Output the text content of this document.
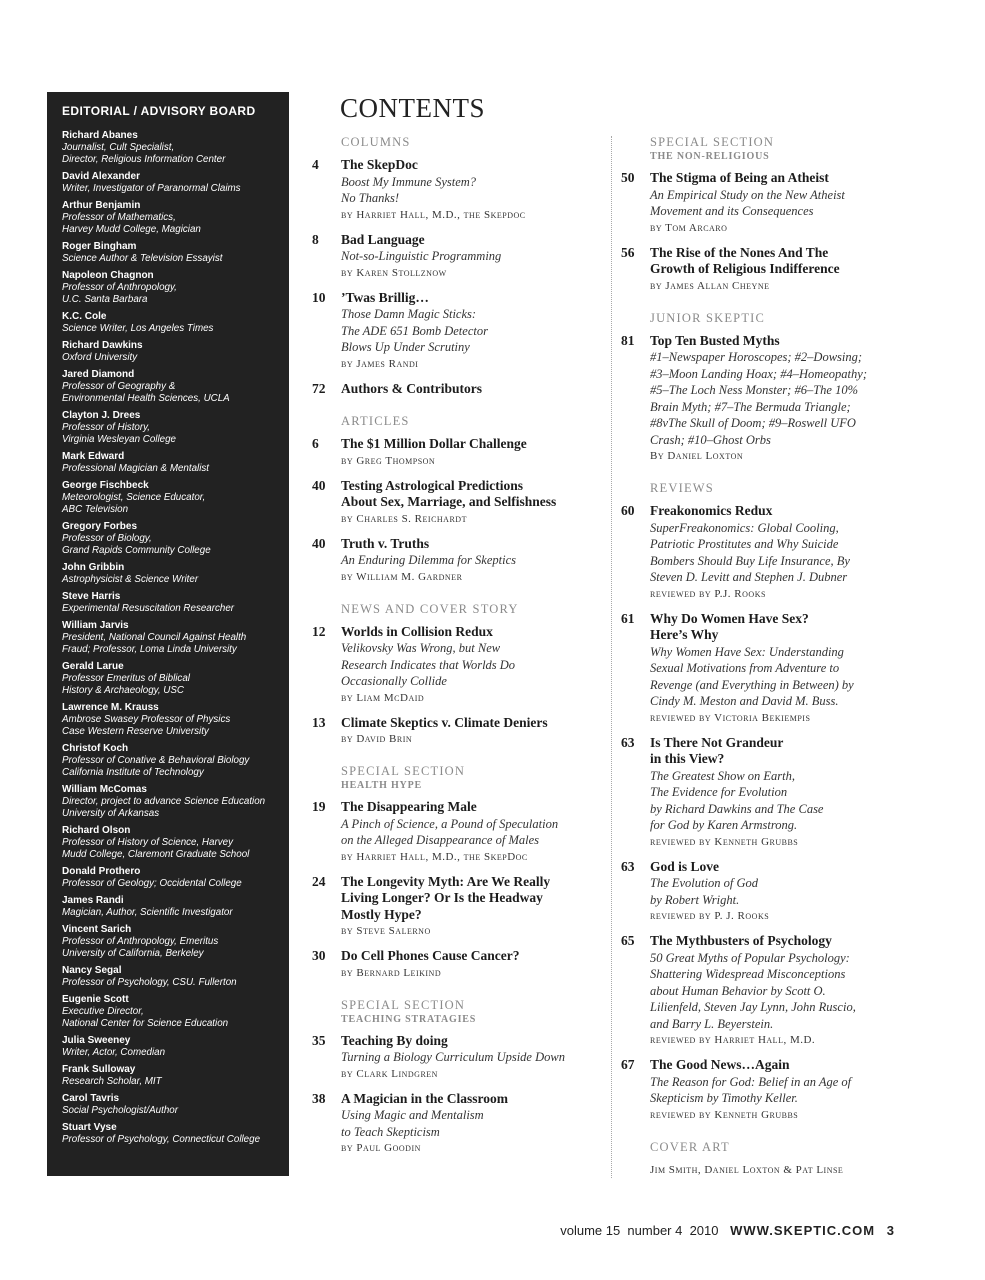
EDITORIAL / ADVISORY BOARD
Richard Abanes
Journalist, Cult Specialist,
Director, Religious Information Center
David Alexander
Writer, Investigator of Paranormal Claims
Arthur Benjamin
Professor of Mathematics,
Harvey Mudd College, Magician
Roger Bingham
Science Author & Television Essayist
Napoleon Chagnon
Professor of Anthropology,
U.C. Santa Barbara
K.C. Cole
Science Writer, Los Angeles Times
Richard Dawkins
Oxford University
Jared Diamond
Professor of Geography &
Environmental Health Sciences, UCLA
Clayton J. Drees
Professor of History,
Virginia Wesleyan College
Mark Edward
Professional Magician & Mentalist
George Fischbeck
Meteorologist, Science Educator,
ABC Television
Gregory Forbes
Professor of Biology,
Grand Rapids Community College
John Gribbin
Astrophysicist & Science Writer
Steve Harris
Experimental Resuscitation Researcher
William Jarvis
President, National Council Against Health
Fraud; Professor, Loma Linda University
Gerald Larue
Professor Emeritus of Biblical
History & Archaeology, USC
Lawrence M. Krauss
Ambrose Swasey Professor of Physics
Case Western Reserve University
Christof Koch
Professor of Conative & Behavioral Biology
California Institute of Technology
William McComas
Director, project to advance Science Education
University of Arkansas
Richard Olson
Professor of History of Science, Harvey
Mudd College, Claremont Graduate School
Donald Prothero
Professor of Geology; Occidental College
James Randi
Magician, Author, Scientific Investigator
Vincent Sarich
Professor of Anthropology, Emeritus
University of California, Berkeley
Nancy Segal
Professor of Psychology, CSU. Fullerton
Eugenie Scott
Executive Director,
National Center for Science Education
Julia Sweeney
Writer, Actor, Comedian
Frank Sulloway
Research Scholar, MIT
Carol Tavris
Social Psychologist/Author
Stuart Vyse
Professor of Psychology, Connecticut College
CONTENTS
COLUMNS
4	The SkepDoc
Boost My Immune System?
No Thanks!
by Harriet Hall, M.D., the Skepdoc
8	Bad Language
Not-so-Linguistic Programming
by Karen Stollznow
10	’Twas Brillig…
Those Damn Magic Sticks:
The ADE 651 Bomb Detector
Blows Up Under Scrutiny
by James Randi
72	Authors & Contributors
ARTICLES
6	The $1 Million Dollar Challenge
by Greg Thompson
40	Testing Astrological Predictions
About Sex, Marriage, and Selfishness
by Charles S. Reichardt
40	Truth v. Truths
An Enduring Dilemma for Skeptics
by William M. Gardner
NEWS AND COVER STORY
12	Worlds in Collision Redux
Velikovsky Was Wrong, but New
Research Indicates that Worlds Do
Occasionally Collide
by Liam McDaid
13	Climate Skeptics v. Climate Deniers
by David Brin
SPECIAL SECTION
HEALTH HYPE
19	The Disappearing Male
A Pinch of Science, a Pound of Speculation
on the Alleged Disappearance of Males
by Harriet Hall, M.D., the SkepDoc
24	The Longevity Myth: Are We Really
Living Longer? Or Is the Headway
Mostly Hype?
by Steve Salerno
30	Do Cell Phones Cause Cancer?
by Bernard Leikind
SPECIAL SECTION
TEACHING STRATAGIES
35	Teaching By doing
Turning a Biology Curriculum Upside Down
by Clark Lindgren
38	A Magician in the Classroom
Using Magic and Mentalism
to Teach Skepticism
by Paul Goodin
SPECIAL SECTION
THE NON-RELIGIOUS
50	The Stigma of Being an Atheist
An Empirical Study on the New Atheist
Movement and its Consequences
by Tom Arcaro
56	The Rise of the Nones And The
Growth of Religious Indifference
by James Allan Cheyne
JUNIOR SKEPTIC
81	Top Ten Busted Myths
#1–Newspaper Horoscopes; #2–Dowsing;
#3–Moon Landing Hoax; #4–Homeopathy;
#5–The Loch Ness Monster; #6–The 10%
Brain Myth; #7–The Bermuda Triangle;
#8vThe Skull of Doom; #9–Roswell UFO
Crash; #10–Ghost Orbs
By Daniel Loxton
REVIEWS
60	Freakonomics Redux
SuperFreakonomics: Global Cooling,
Patriotic Prostitutes and Why Suicide
Bombers Should Buy Life Insurance, By
Steven D. Levitt and Stephen J. Dubner
reviewed by P.J. Rooks
61	Why Do Women Have Sex?
Here’s Why
Why Women Have Sex: Understanding
Sexual Motivations from Adventure to
Revenge (and Everything in Between) by
Cindy M. Meston and David M. Buss.
reviewed by Victoria Bekiempis
63	Is There Not Grandeur
in this View?
The Greatest Show on Earth,
The Evidence for Evolution
by Richard Dawkins and The Case
for God by Karen Armstrong.
reviewed by Kenneth Grubbs
63	God is Love
The Evolution of God
by Robert Wright.
reviewed by P. J. Rooks
65	The Mythbusters of Psychology
50 Great Myths of Popular Psychology:
Shattering Widespread Misconceptions
about Human Behavior by Scott O.
Lilienfeld, Steven Jay Lynn, John Ruscio,
and Barry L. Beyerstein.
reviewed by Harriet Hall, M.D.
67	The Good News…Again
The Reason for God: Belief in an Age of
Skepticism by Timothy Keller.
reviewed by Kenneth Grubbs
COVER ART
Jim Smith, Daniel Loxton & Pat Linse
volume 15  number 4  2010 WWW.SKEPTIC.COM 3
